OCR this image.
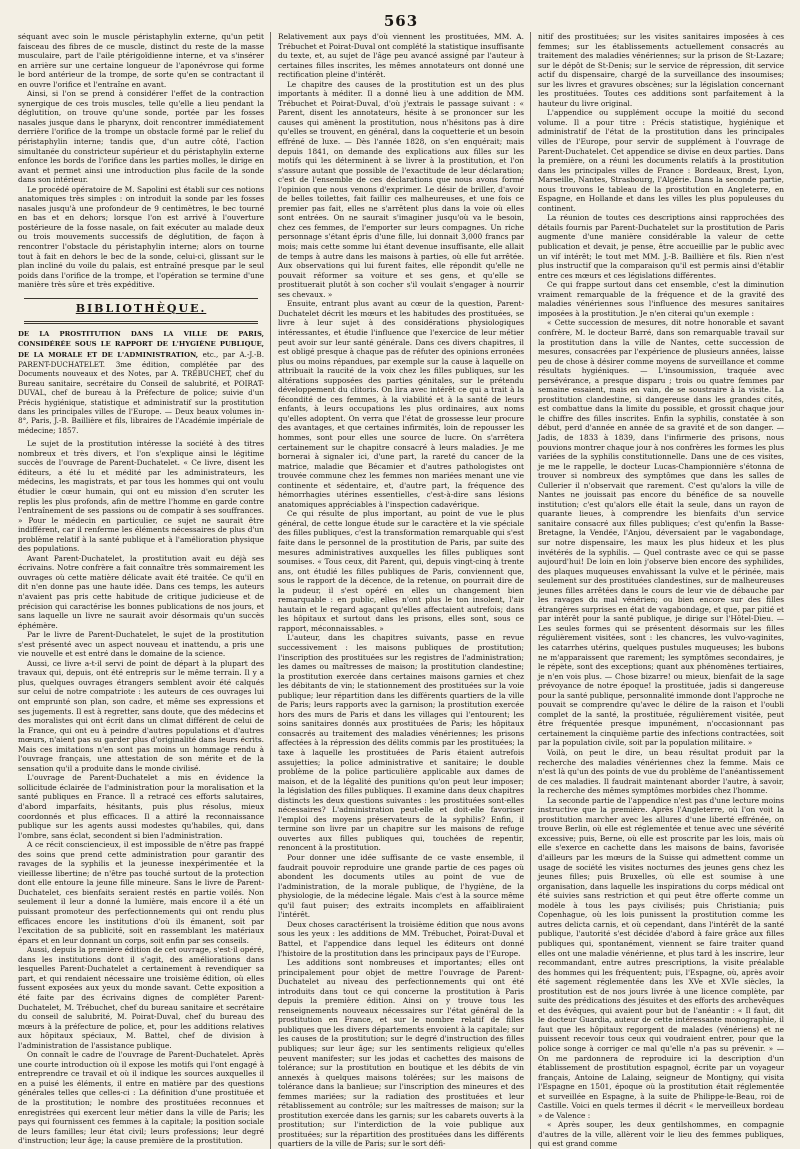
563

séquant avec soin le muscle péristaphylin externe, qu'un petit faisceau des fibres de ce muscle, distinct du reste de la masse musculaire, part de l'aile ptérigoïdienne interne, et va s'insérer en arrière sur une certaine longueur de l'aponévrose qui forme le bord antérieur de la trompe, de sorte qu'en se contractant il en ouvre l'orifice et l'entraîne en avant.

Ainsi, si l'on se prend à considérer l'effet de la contraction synergique de ces trois muscles, telle qu'elle a lieu pendant la déglutition, on trouve qu'une sonde, portée par les fosses nasales jusque dans le pharynx, doit rencontrer immédiatement derrière l'orifice de la trompe un obstacle formé par le relief du péristaphylin interne; tandis que, d'un autre côté, l'action simultanée du constricteur supérieur et du péristaphylin externe enfonce les bords de l'orifice dans les parties molles, le dirige en avant et permet ainsi une introduction plus facile de la sonde dans son intérieur.

Le procédé opératoire de M. Sapolini est établi sur ces notions anatomiques très simples : on introduit la sonde par les fosses nasales jusqu'à une profondeur de 9 centimètres, le bec tourné en bas et en dehors; lorsque l'on est arrivé à l'ouverture postérieure de la fosse nasale, on fait exécuter au malade deux ou trois mouvements successifs de déglutition, de façon à rencontrer l'obstacle du péristaphylin interne; alors on tourne tout à fait en dehors le bec de la sonde, celui-ci, glissant sur le plan incliné du voile du palais, est entraîné presque par le seul poids dans l'orifice de la trompe, et l'opération se termine d'une manière très sûre et très expéditive.

BIBLIOTHÈQUE.
DE LA PROSTITUTION DANS LA VILLE DE PARIS, CONSIDÉRÉE SOUS LE RAPPORT DE L'HYGIÈNE PUBLIQUE, DE LA MORALE ET DE L'ADMINISTRATION, etc., par A.-J.-B. PARENT-DUCHATELET. 3me édition, complétée par des Documents nouveaux et des Notes, par A. TRÉBUCHET, chef du Bureau sanitaire, secrétaire du Conseil de salubrité, et POIRAT-DUVAL, chef de bureau à la Préfecture de police; suivie d'un Précis hygiénique, statistique et administratif sur la prostitution dans les principales villes de l'Europe. — Deux beaux volumes in-8°, Paris, J.-B. Baillière et fils, libraires de l'Académie impériale de médecine; 1857.

Le sujet de la prostitution intéresse la société à des titres nombreux et très divers, et l'on s'explique ainsi le légitime succès de l'ouvrage de Parent-Duchatelet. « Ce livre, disent les éditeurs, a été lu et médité par les administrateurs, les médecins, les magistrats, et par tous les hommes qui ont voulu étudier le cœur humain, qui ont eu mission d'en scruter les replis les plus profonds, afin de mettre l'homme en garde contre l'entraînement de ses passions ou de compatir à ses souffrances. » Pour le médecin en particulier, ce sujet ne saurait être indifférent, car il renferme les éléments nécessaires de plus d'un problème relatif à la santé publique et à l'amélioration physique des populations.

Avant Parent-Duchatelet, la prostitution avait eu déjà ses écrivains. Notre confrère a fait connaître très sommairement les ouvrages où cette matière délicate avait été traitée. Ce qu'il en dit n'en donne pas une haute idée. Dans ces temps, les auteurs n'avaient pas pris cette habitude de critique judicieuse et de précision qui caractérise les bonnes publications de nos jours, et sans laquelle un livre ne saurait avoir désormais qu'un succès éphémère.

Par le livre de Parent-Duchatelet, le sujet de la prostitution s'est présenté avec un aspect nouveau et inattendu, a pris une vie nouvelle et est entré dans le domaine de la science.

Aussi, ce livre a-t-il servi de point de départ à la plupart des travaux qui, depuis, ont été entrepris sur le même terrain. Il y a plus, quelques ouvrages étrangers semblent avoir été calqués sur celui de notre compatriote : les auteurs de ces ouvrages lui ont emprunté son plan, son cadre, et même ses expressions et ses jugements. Il est à regretter, sans doute, que des médecins et des moralistes qui ont écrit dans un climat différent de celui de la France, qui ont eu à peindre d'autres populations et d'autres mœurs, n'aient pas su garder plus d'originalité dans leurs écrits. Mais ces imitations n'en sont pas moins un hommage rendu à l'ouvrage français, une attestation de son mérite et de la sensation qu'il a produite dans le monde civilisé.

L'ouvrage de Parent-Duchatelet a mis en évidence la sollicitude éclairée de l'administration pour la moralisation et la santé publiques en France. Il a retracé ces efforts salutaires, d'abord imparfaits, hésitants, puis plus résolus, mieux coordonnés et plus efficaces. Il a attiré la reconnaissance publique sur les agents aussi modestes qu'habiles, qui, dans l'ombre, sans éclat, secondent si bien l'administration.

A ce récit consciencieux, il est impossible de n'être pas frappé des soins que prend cette administration pour garantir des ravages de la syphilis et la jeunesse inexpérimentée et la vieillesse libertine; de n'être pas touché surtout de la protection dont elle entoure la jeune fille mineure. Sans le livre de Parent-Duchatelet, ces bienfaits seraient restés en partie voilés. Non seulement il leur a donné la lumière, mais encore il a été un puissant promoteur des perfectionnements qui ont rendu plus efficaces encore les institutions d'où ils émanent, soit par l'excitation de sa publicité, soit en rassemblant les matériaux épars et en leur donnant un corps, soit enfin par ses conseils.

Aussi, depuis la première édition de cet ouvrage, s'est-il opéré, dans les institutions dont il s'agit, des améliorations dans lesquelles Parent-Duchatelet a certainement à revendiquer sa part, et qui rendaient nécessaire une troisième édition, où elles fussent exposées aux yeux du monde savant. Cette exposition a été faite par des écrivains dignes de compléter Parent-Duchatelet, M. Trébuchet, chef du bureau sanitaire et secrétaire du conseil de salubrité, M. Poirat-Duval, chef du bureau des mœurs à la préfecture de police, et, pour les additions relatives aux hôpitaux spéciaux, M. Battel, chef de division à l'administration de l'assistance publique.

On connaît le cadre de l'ouvrage de Parent-Duchatelet. Après une courte introduction où il expose les motifs qui l'ont engagé à entreprendre ce travail et où il indique les sources auxquelles il en a puisé les éléments, il entre en matière par des questions générales telles que celles-ci : La définition d'une prostituée et de la prostitution; le nombre des prostituées reconnues et enregistrées qui exercent leur métier dans la ville de Paris; les pays qui fournissent ces femmes à la capitale; la position sociale de leurs familles; leur état civil; leurs professions; leur degré d'instruction; leur âge; la cause première de la prostitution.

Relativement aux pays d'où viennent les prostituées, MM. A. Trébuchet et Poirat-Duval ont complété la statistique insuffisante du texte, et, au sujet de l'âge peu avancé assigné par l'auteur à certaines filles inscrites, les mêmes annotateurs ont donné une rectification pleine d'intérêt.

Le chapitre des causes de la prostitution est un des plus importants à méditer. Il a donné lieu à une addition de MM. Trébuchet et Poirat-Duval, d'où j'extrais le passage suivant : « Parent, disent les annotateurs, hésite à se prononcer sur les causes qui amènent la prostitution, nous n'hésitons pas à dire qu'elles se trouvent, en général, dans la coquetterie et un besoin effréné de luxe. — Dès l'année 1828, on s'en enquérait; mais depuis 1841, on demande des explications aux filles sur les motifs qui les déterminent à se livrer à la prostitution, et l'on s'assure autant que possible de l'exactitude de leur déclaration; c'est de l'ensemble de ces déclarations que nous avons formé l'opinion que nous venons d'exprimer. Le désir de briller, d'avoir de belles toilettes, fait faillir ces malheureuses, et une fois ce premier pas fait, elles ne s'arrêtent plus dans la voie où elles sont entrées. On ne saurait s'imaginer jusqu'où va le besoin, chez ces femmes, de l'emporter sur leurs compagnes. Un riche personnage s'étant épris d'une fille, lui donnait 3,000 francs par mois; mais cette somme lui étant devenue insuffisante, elle allait de temps à autre dans les maisons à parties, où elle fut arrêtée. Aux observations qui lui furent faites, elle répondit qu'elle ne pouvait réformer sa voiture et ses gens, et qu'elle se prostituerait plutôt à son cocher s'il voulait s'engager à nourrir ses chevaux. »

Ensuite, entrant plus avant au cœur de la question, Parent-Duchatelet décrit les mœurs et les habitudes des prostituées, se livre à leur sujet à des considérations physiologiques intéressantes, et étudie l'influence que l'exercice de leur métier peut avoir sur leur santé générale. Dans ces divers chapitres, il est obligé presque à chaque pas de réfuter des opinions erronées plus ou moins répandues, par exemple sur la cause à laquelle on attribuait la raucité de la voix chez les filles publiques, sur les altérations supposées des parties génitales, sur le prétendu développement du clitoris. On lira avec intérêt ce qui a trait à la fécondité de ces femmes, à la viabilité et à la santé de leurs enfants, à leurs occupations les plus ordinaires, aux noms qu'elles adoptent. On verra que l'état de grossesse leur procure des avantages, et que certaines infirmités, loin de repousser les hommes, sont pour elles une source de lucre. On s'arrêtera certainement sur le chapitre consacré à leurs maladies. Je me bornerai à signaler ici, d'une part, la rareté du cancer de la matrice, maladie que Bécamier et d'autres pathologistes ont trouvée commune chez les femmes non mariées menant une vie continente et sédentaire, et, d'autre part, la fréquence des hémorrhagies utérines essentielles, c'est-à-dire sans lésions anatomiques appréciables à l'inspection cadavérique.

Ce qui résulte de plus important, au point de vue le plus général, de cette longue étude sur le caractère et la vie spéciale des filles publiques, c'est la transformation remarquable qui s'est faite dans le personnel de la prostitution de Paris, par suite des mesures administratives auxquelles les filles publiques sont soumises. « Tous ceux, dit Parent, qui, depuis vingt-cinq à trente ans, ont étudié les filles publiques de Paris, conviennent que, sous le rapport de la décence, de la retenue, on pourrait dire de la pudeur, il s'est opéré en elles un changement bien remarquable : en public, elles n'ont plus le ton insolent, l'air hautain et le regard agaçant qu'elles affectaient autrefois; dans les hôpitaux et surtout dans les prisons, elles sont, sous ce rapport, méconnaissables. »

L'auteur, dans les chapitres suivants, passe en revue successivement : les maisons publiques de prostitution; l'inscription des prostituées sur les registres de l'administration; les dames ou maîtresses de maison; la prostitution clandestine; la prostitution exercée dans certaines maisons garnies et chez les débitants de vin; le stationnement des prostituées sur la voie publique; leur répartition dans les différents quartiers de la ville de Paris; leurs rapports avec la garnison; la prostitution exercée hors des murs de Paris et dans les villages qui l'entourent; les soins sanitaires donnés aux prostituées de Paris; les hôpitaux consacrés au traitement des maladies vénériennes; les prisons affectées à la répression des délits commis par les prostituées; la taxe à laquelle les prostituées de Paris étaient autrefois assujetties; la police administrative et sanitaire; le double problème de la police particulière applicable aux dames de maison, et de la légalité des punitions qu'on peut leur imposer; la législation des filles publiques. Il examine dans deux chapitres distincts les deux questions suivantes : les prostituées sont-elles nécessaires? L'administration peut-elle et doit-elle favoriser l'emploi des moyens préservateurs de la syphilis? Enfin, il termine son livre par un chapitre sur les maisons de refuge ouvertes aux filles publiques qui, touchées de repentir, renoncent à la prostitution.

Pour donner une idée suffisante de ce vaste ensemble, il faudrait pouvoir reproduire une grande partie de ces pages où abondent les documents utiles au point de vue de l'administration, de la morale publique, de l'hygiène, de la physiologie, de la médecine légale. Mais c'est à la source même qu'il faut puiser; des extraits incomplets en affaibliraient l'intérêt.

Deux choses caractérisent la troisième édition que nous avons sous les yeux : les additions de MM. Trébuchet, Poirat-Duval et Battel, et l'appendice dans lequel les éditeurs ont donné l'histoire de la prostitution dans les principaux pays de l'Europe.

Les additions sont nombreuses et importantes; elles ont principalement pour objet de mettre l'ouvrage de Parent-Duchatelet au niveau des perfectionnements qui ont été introduits dans tout ce qui concerne la prostitution à Paris depuis la première édition. Ainsi on y trouve tous les renseignements nouveaux nécessaires sur l'état général de la prostitution en France, et sur le nombre relatif de filles publiques que les divers départements envoient à la capitale; sur les causes de la prostitution; sur le degré d'instruction des filles publiques; sur leur âge; sur les sentiments religieux qu'elles peuvent manifester; sur les jodas et cachettes des maisons de tolérance; sur la prostitution en boutique et les débits de vin annexés à quelques maisons tolérées; sur les maisons de tolérance dans la banlieue; sur l'inscription des mineures et des femmes mariées; sur la radiation des prostituées et leur rétablissement au contrôle; sur les maîtresses de maison; sur la prostitution exercée dans les garnis; sur les cabarets ouverts à la prostitution; sur l'interdiction de la voie publique aux prostituées; sur la répartition des prostituées dans les différents quartiers de la ville de Paris; sur le sort défi-

nitif des prostituées; sur les visites sanitaires imposées à ces femmes; sur les établissements actuellement consacrés au traitement des maladies vénériennes; sur la prison de St-Lazare; sur le dépôt de St-Denis; sur le service de répression, dit service actif du dispensaire, chargé de la surveillance des insoumises; sur les livres et gravures obscènes; sur la législation concernant les prostituées. Toutes ces additions sont parfaitement à la hauteur du livre original.

L'appendice ou supplément occupe la moitié du second volume. Il a pour titre : Précis statistique, hygiénique et administratif de l'état de la prostitution dans les principales villes de l'Europe, pour servir de supplément à l'ouvrage de Parent-Duchatelet. Cet appendice se divise en deux parties. Dans la première, on a réuni les documents relatifs à la prostitution dans les principales villes de France : Bordeaux, Brest, Lyon, Marseille, Nantes, Strasbourg, l'Algérie. Dans la seconde partie, nous trouvons le tableau de la prostitution en Angleterre, en Espagne, en Hollande et dans les villes les plus populeuses du continent.

La réunion de toutes ces descriptions ainsi rapprochées des détails fournis par Parent-Duchatelet sur la prostitution de Paris augmente d'une manière considérable la valeur de cette publication et devait, je pense, être accueillie par le public avec un vif intérêt; le tout met MM. J.-B. Baillière et fils. Rien n'est plus instructif que la comparaison qu'il est permis ainsi d'établir entre ces mœurs et ces législations différentes.

Ce qui frappe surtout dans cet ensemble, c'est la diminution vraiment remarquable de la fréquence et de la gravité des maladies vénériennes sous l'influence des mesures sanitaires imposées à la prostitution. Je n'en citerai qu'un exemple :

« Cette succession de mesures, dit notre honorable et savant confrère, M. le docteur Barré, dans son remarquable travail sur la prostitution dans la ville de Nantes, cette succession de mesures, consacrées par l'expérience de plusieurs années, laisse peu de chose à désirer comme moyens de surveillance et comme résultats hygiéniques. — L'insoumission, traquée avec persévérance, a presque disparu ; trois ou quatre femmes par semaine essaient, mais en vain, de se soustraire à la visite. La prostitution clandestine, si dangereuse dans les grandes cités, est combattue dans la limite du possible, et grossit chaque jour le chiffre des filles inscrites. Enfin la syphilis, constatée à son début, perd d'année en année de sa gravité et de son danger. — Jadis, de 1833 à 1839, dans l'infirmerie des prisons, nous pouvions montrer chaque jour à nos confrères les formes les plus variées de la syphilis constitutionnelle. Dans une de ces visites, je me le rappelle, le docteur Lucas-Championnière s'étonna de trouver si nombreux des symptômes que dans les salles de Cullerier il n'observait que rarement. C'est qu'alors la ville de Nantes ne jouissait pas encore du bénéfice de sa nouvelle institution; c'est qu'alors elle était la seule, dans un rayon de quarante lieues, à comprendre les bienfaits d'un service sanitaire consacré aux filles publiques; c'est qu'enfin la Basse-Bretagne, la Vendée, l'Anjou, déversaient par le vagabondage, sur notre dispensaire, les maux les plus hideux et les plus invétérés de la syphilis. — Quel contraste avec ce qui se passe aujourd'hui! De loin en loin j'observe bien encore des syphilides, des plaques muqueuses envahissant la vulve et le périnée, mais seulement sur des prostituées clandestines, sur de malheureuses jeunes filles arrêtées dans le cours de leur vie de débauche par les ravages du mal vénérien; ou bien encore sur des filles étrangères surprises en état de vagabondage, et que, par pitié et par intérêt pour la santé publique, je dirige sur l'Hôtel-Dieu. — Les seules formes qui se présentent désormais sur les filles régulièrement visitées, sont : les chancres, les vulvo-vaginites, les catarrhes utérins, quelques pustules muqueuses; les bubons ne m'apparaissent que rarement; les symptômes secondaires, je le répète, sont des exceptions; quant aux phénomènes tertiaires, je n'en vois plus. — Chose bizarre! ou mieux, bienfait de la sage prévoyance de notre époque! la prostituée, jadis si dangereuse pour la santé publique, personnalité immonde dont l'approche ne pouvait se comprendre qu'avec le délire de la raison et l'oubli complet de la santé, la prostituée, régulièrement visitée, peut être fréquentée presque impunément, n'occasionnant pas certainement la cinquième partie des infections contractées, soit par la population civile, soit par la population militaire. »

Voilà, on peut le dire, un beau résultat produit par la recherche des maladies vénériennes chez la femme. Mais ce n'est là qu'un des points de vue du problème de l'anéantissement de ces maladies. Il faudrait maintenant aborder l'autre, à savoir, la recherche des mêmes symptômes morbides chez l'homme.

La seconde partie de l'appendice n'est pas d'une lecture moins instructive que la première. Après l'Angleterre, où l'on voit la prostitution marcher avec les allures d'une liberté effrénée, on trouve Berlin, où elle est réglementée et tenue avec une sévérité excessive; puis, Berne, où elle est proscrite par les lois, mais où elle s'exerce en cachette dans les maisons de bains, favorisée d'ailleurs par les mœurs de la Suisse qui admettent comme un usage de société les visites nocturnes des jeunes gens chez les jeunes filles; puis Bruxelles, où elle est soumise à une organisation, dans laquelle les inspirations du corps médical ont été suivies sans restriction et qui peut être offerte comme un modèle à tous les pays civilisés; puis Christiania; puis Copenhague, où les lois punissent la prostitution comme les autres delicta carnis, et où cependant, dans l'intérêt de la santé publique, l'autorité s'est décidée d'abord à faire grâce aux filles publiques qui, spontanément, viennent se faire traiter quand elles ont une maladie vénérienne, et plus tard à les inscrire, leur recommandant, entre autres prescriptions, la visite préalable des hommes qui les fréquentent; puis, l'Espagne, où, après avoir été sagement réglementée dans les XVe et XVIe siècles, la prostitution est de nos jours livrée à une licence complète, par suite des prédications des jésuites et des efforts des archevêques et des évêques, qui avaient pour but de l'anéantir : « Il faut, dit le docteur Guardia, auteur de cette intéressante monographie, il faut que les hôpitaux regorgent de malades (vénériens) et ne puissent recevoir tous ceux qui voudraient entrer, pour que la police songe à corriger ce mal qu'elle n'a pas su prévenir. » — On me pardonnera de reproduire ici la description d'un établissement de prostitution espagnol, écrite par un voyageur français, Antoine de Lalaing, seigneur de Montigny, qui visita l'Espagne en 1501, époque où la prostitution était réglementée et surveillée en Espagne, à la suite de Philippe-le-Beau, roi de Castille. Voici en quels termes il décrit « le merveilleux bordeau » de Valence :

« Après souper, les deux gentilshommes, en compagnie d'autres de la ville, allèrent voir le lieu des femmes publiques, qui est grand comme
